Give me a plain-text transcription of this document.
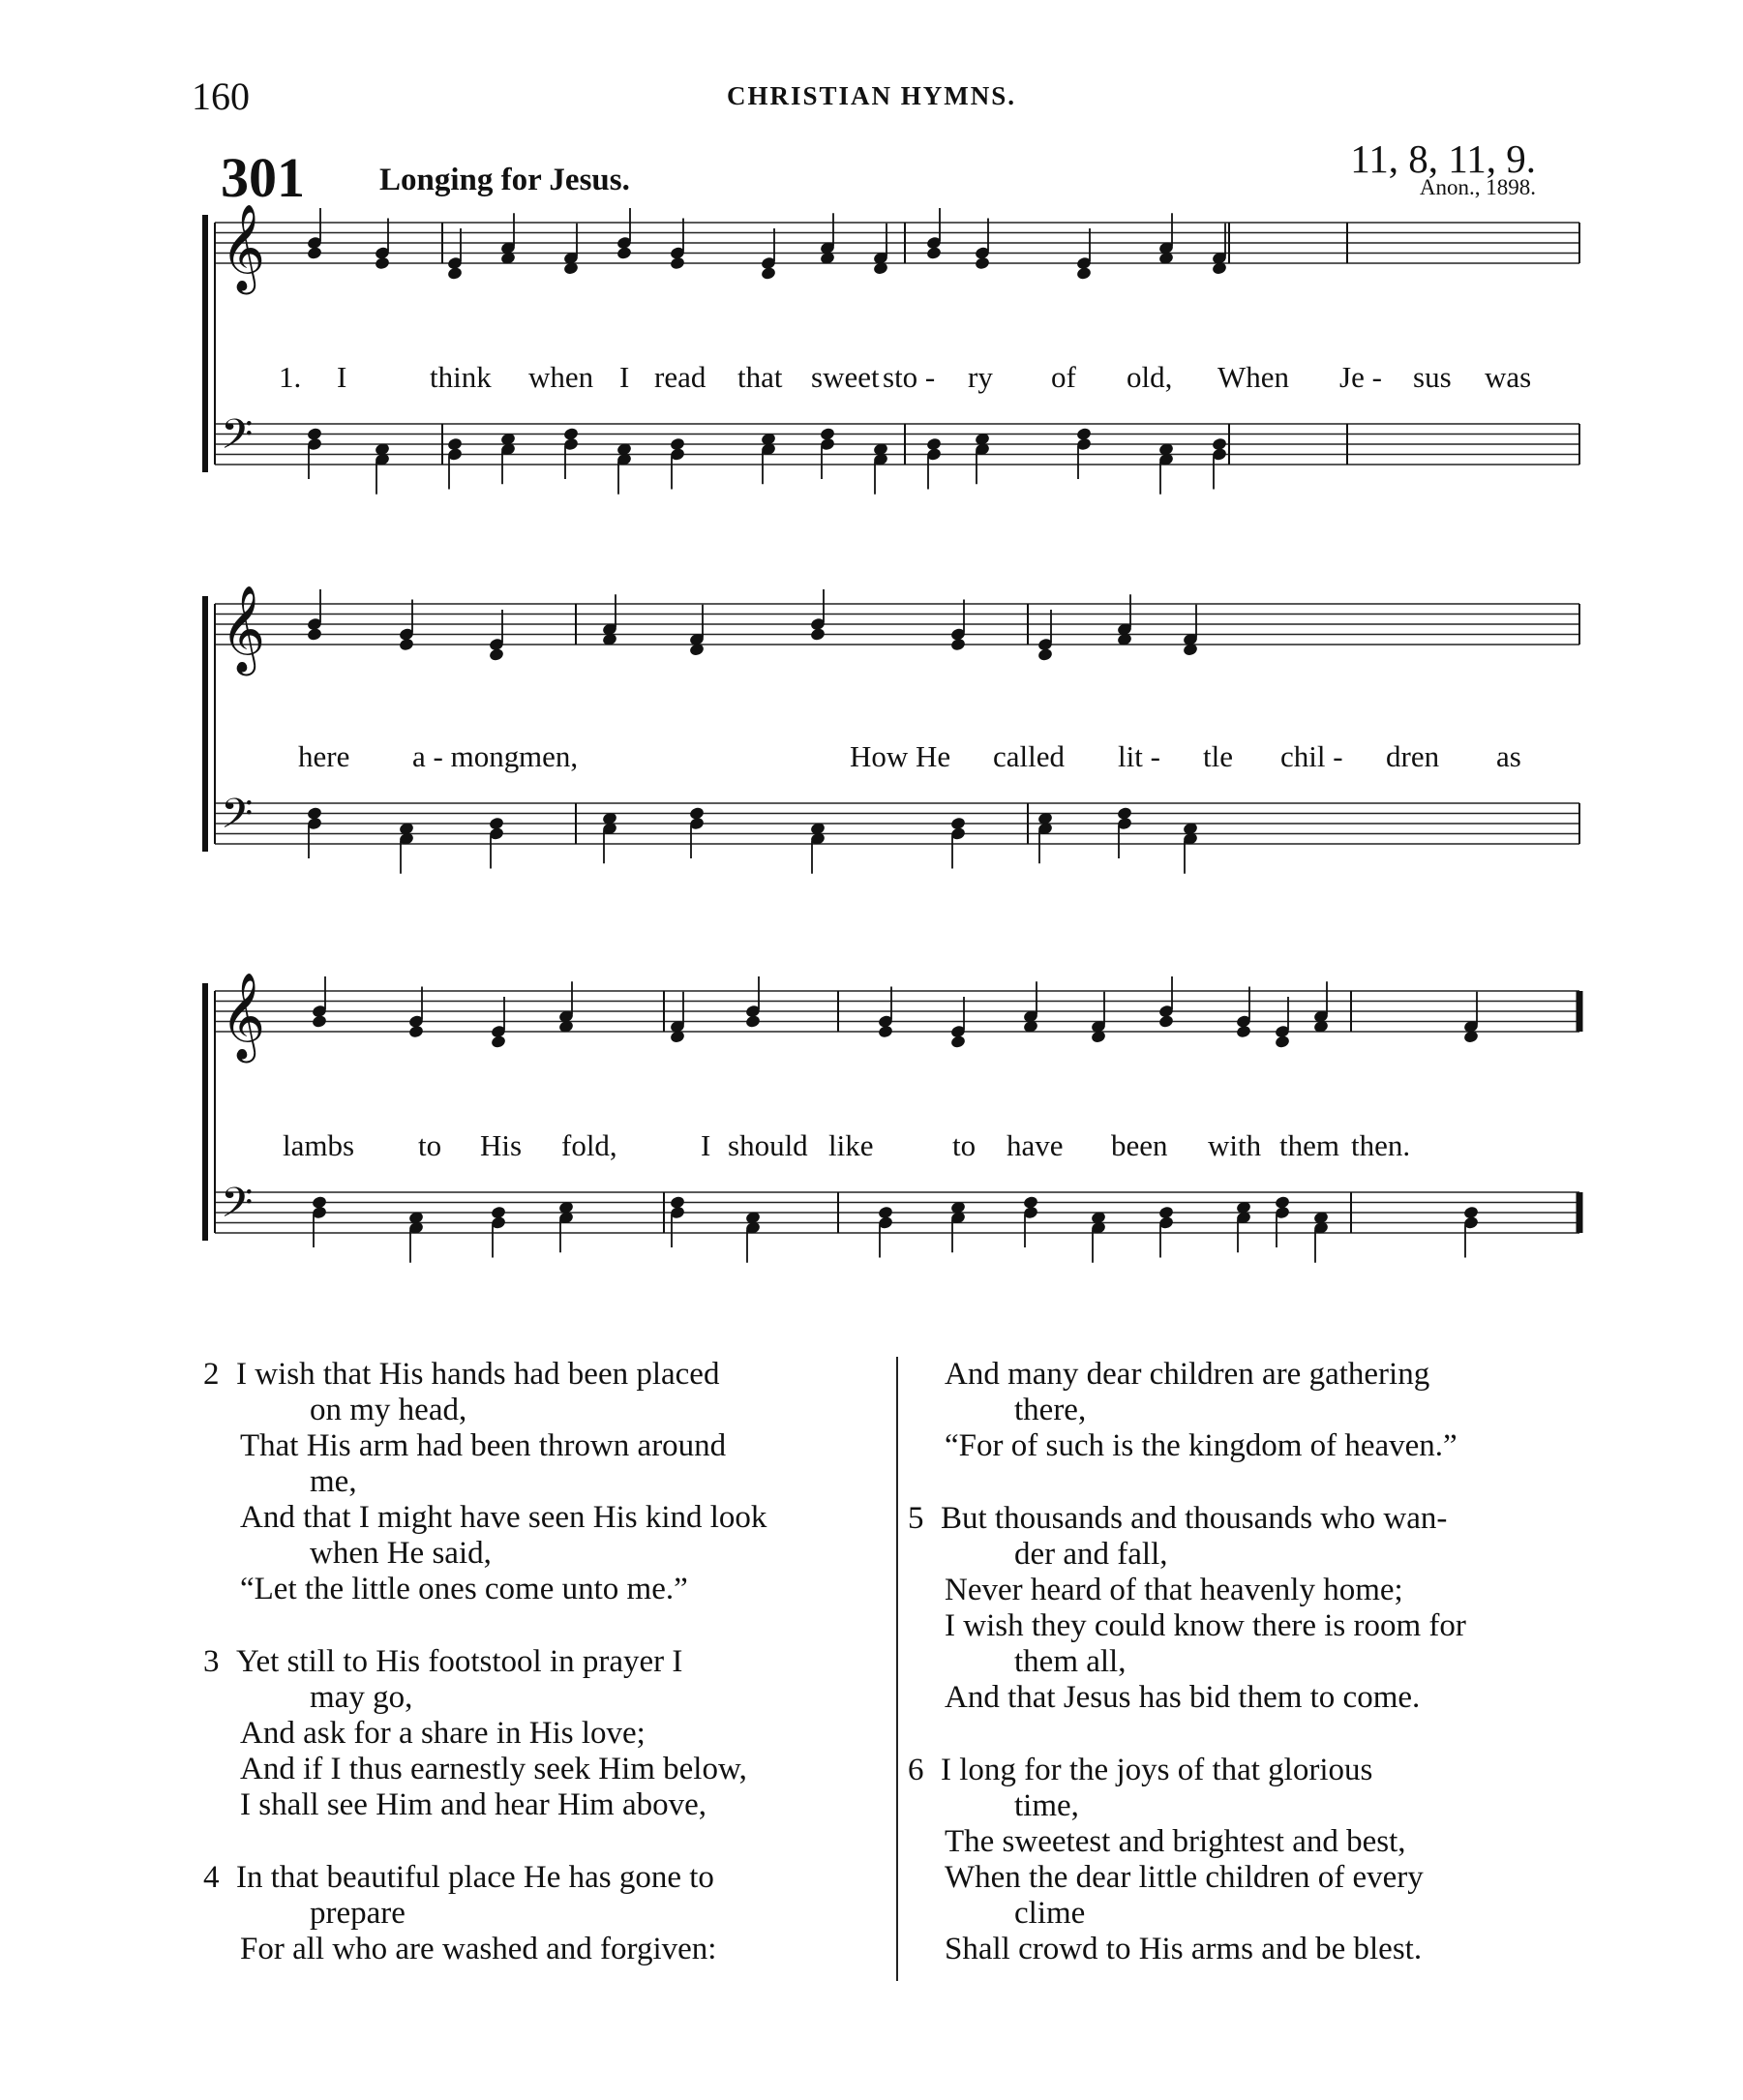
160	CHRISTIAN HYMNS.
301 Longing for Jesus.	11, 8, 11, 9.
Anon., 1898.
𝄞
𝄢
𝄞
𝄢
𝄞
𝄢
1. I	think when I read that sweet sto - ry of old, When Je - sus was
here a - mong men,	How He called lit - tle chil - dren as
lambs to His fold,	I should like	to have been with them then.
2 I wish that His hands had been placed
on my head,
That His arm had been thrown around
me,
And that I might have seen His kind look
when He said,
“Let the little ones come unto me.”
3 Yet still to His footstool in prayer I
may go,
And ask for a share in His love;
And if I thus earnestly seek Him below,
I shall see Him and hear Him above,
4 In that beautiful place He has gone to
prepare
For all who are washed and forgiven:
And many dear children are gathering
there,
“For of such is the kingdom of heaven.”
5 But thousands and thousands who wan-
der and fall,
Never heard of that heavenly home;
I wish they could know there is room for
them all,
And that Jesus has bid them to come.
6 I long for the joys of that glorious
time,
The sweetest and brightest and best,
When the dear little children of every
clime
Shall crowd to His arms and be blest.
